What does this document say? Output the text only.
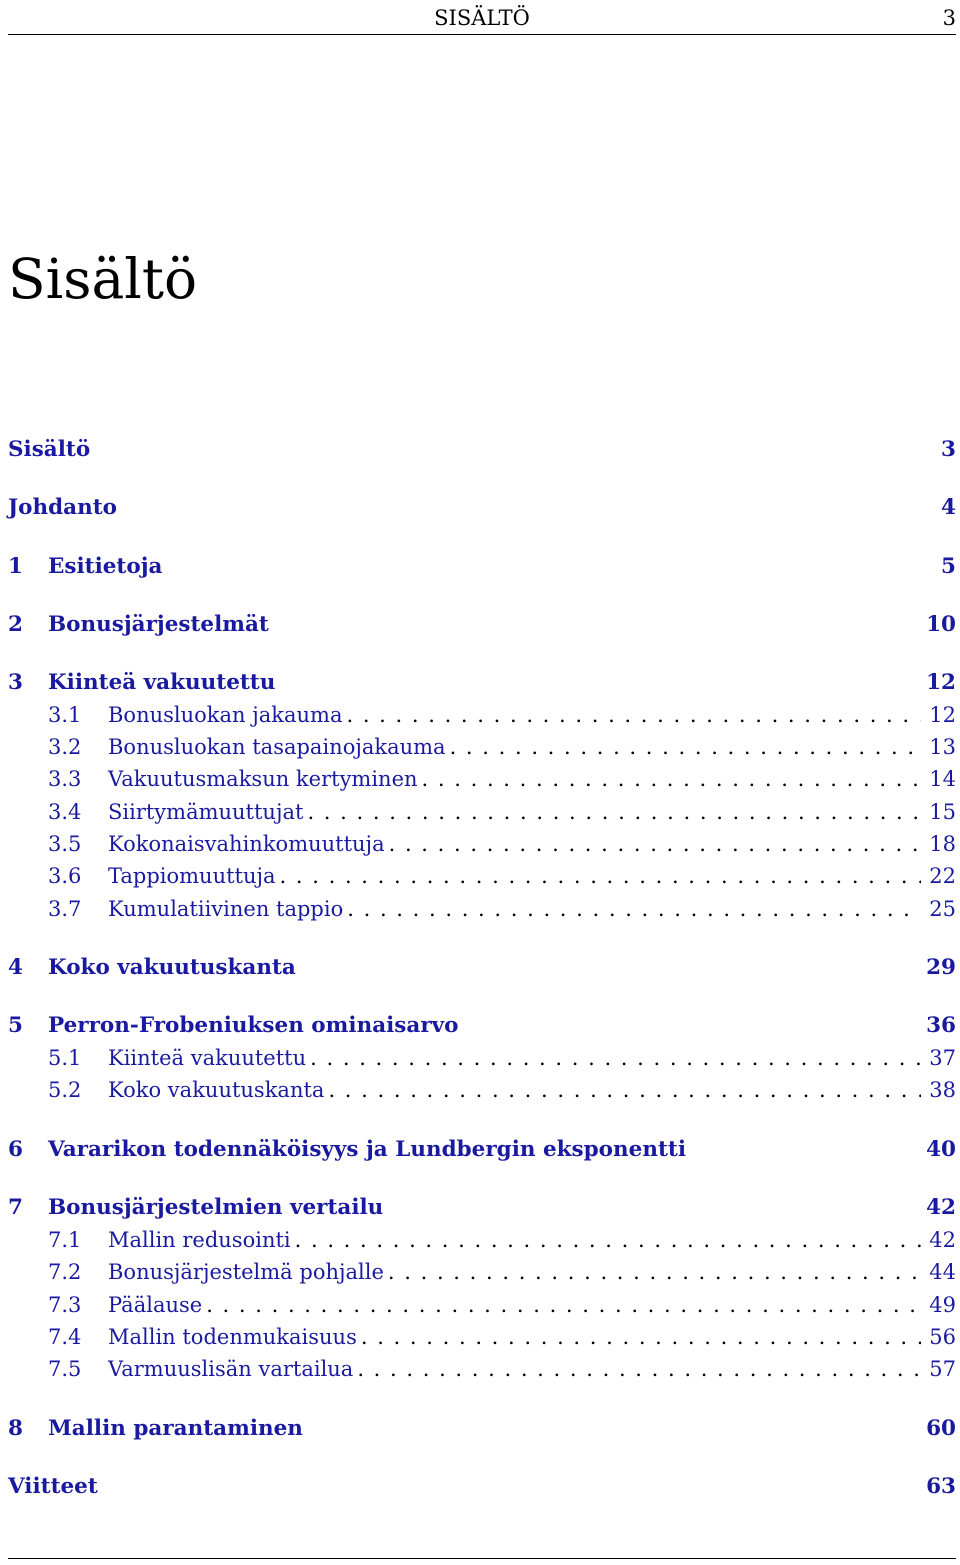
SISÄLTÖ	3
Sisältö
Sisältö	3
Johdanto	4
1	Esitietoja	5
2	Bonusjärjestelmät	10
3	Kiinteä vakuutettu	12
3.1	Bonusluokan jakauma . . .	12
3.2	Bonusluokan tasapainojakauma . . .	13
3.3	Vakuutusmaksun kertyminen . . .	14
3.4	Siirtymämuuttujat . . .	15
3.5	Kokonaisvahinkomuuttuja . . .	18
3.6	Tappiomuuttuja . . .	22
3.7	Kumulatiivinen tappio . . .	25
4	Koko vakuutuskanta	29
5	Perron-Frobeniuksen ominaisarvo	36
5.1	Kiinteä vakuutettu . . .	37
5.2	Koko vakuutuskanta . . .	38
6	Vararikon todennäköisyys ja Lundbergin eksponentti	40
7	Bonusjärjestelmien vertailu	42
7.1	Mallin redusointi . . .	42
7.2	Bonusjärjestelmä pohjalle . . .	44
7.3	Päälause . . .	49
7.4	Mallin todenmukaisuus . . .	56
7.5	Varmuuslisän vartailua . . .	57
8	Mallin parantaminen	60
Viitteet	63
